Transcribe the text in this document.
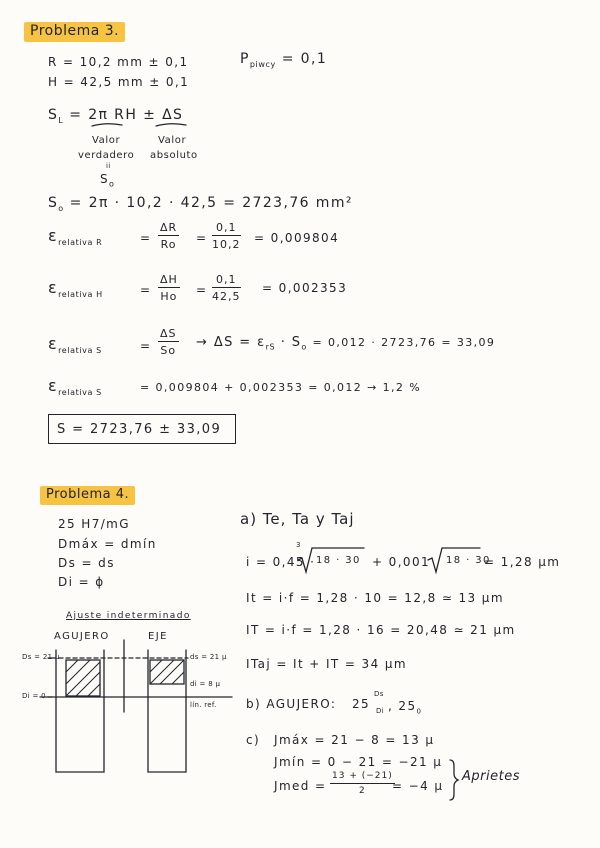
Problema 3.
R = 10,2 mm ± 0,1
H = 42,5 mm ± 0,1
$P_{piwcy} = 0,1$
$S_L = 2\pi$ RH ± ΔS
Valor
verdadero
Valor
absoluto
ii
$S_o$
$S_o = 2\pi \cdot 10,2 \cdot 42,5 = 2723,76$ mm²
$\varepsilon_{relativa R}$	= $\frac{\Delta R}{Ro} = \frac{0,1}{10,2} = 0,009804$
$\varepsilon_{relativa H}$	= $\frac{\Delta H}{Ho} = \frac{0,1}{42,5} = 0,002353$
$\varepsilon_{relativa S}$	= $\frac{\Delta S}{So} \to \Delta S = \varepsilon_{rS} \cdot S_o = 0,012 \cdot 2723,76 = 33,09$
$\varepsilon_{relativa S}$	= 0,009804 + 0,002353 = 0,012 → 1,2 %
S = 2723,76 ± 33,09
Problema 4.
25 H7/mG
Dmáx = dmín
Ds = ds
Di = ϕ
a) Te, Ta y Taj
i = 0,45 ·
3
18 · 30 + 0,001 18 · 30
= 1,28 μm
It = i·f = 1,28 · 10 = 12,8 ≃ 13 μm
IT = i·f = 1,28 · 16 = 20,48 ≃ 21 μm
ITaj = It + IT = 34 μm
b) AGUJERO: 25
Ds
Di , $25_0$
c) Jmáx = 21 − 8 = 13 μ
Jmín = 0 − 21 = −21 μ
Jmed = $\frac{13 + (-21)}{2}$
= −4 μ
Aprietes
Ajuste indeterminado
AGUJERO	EJE
Ds = 21 μ
Di = 0
ds = 21 μ
di = 8 μ
lín. ref.
